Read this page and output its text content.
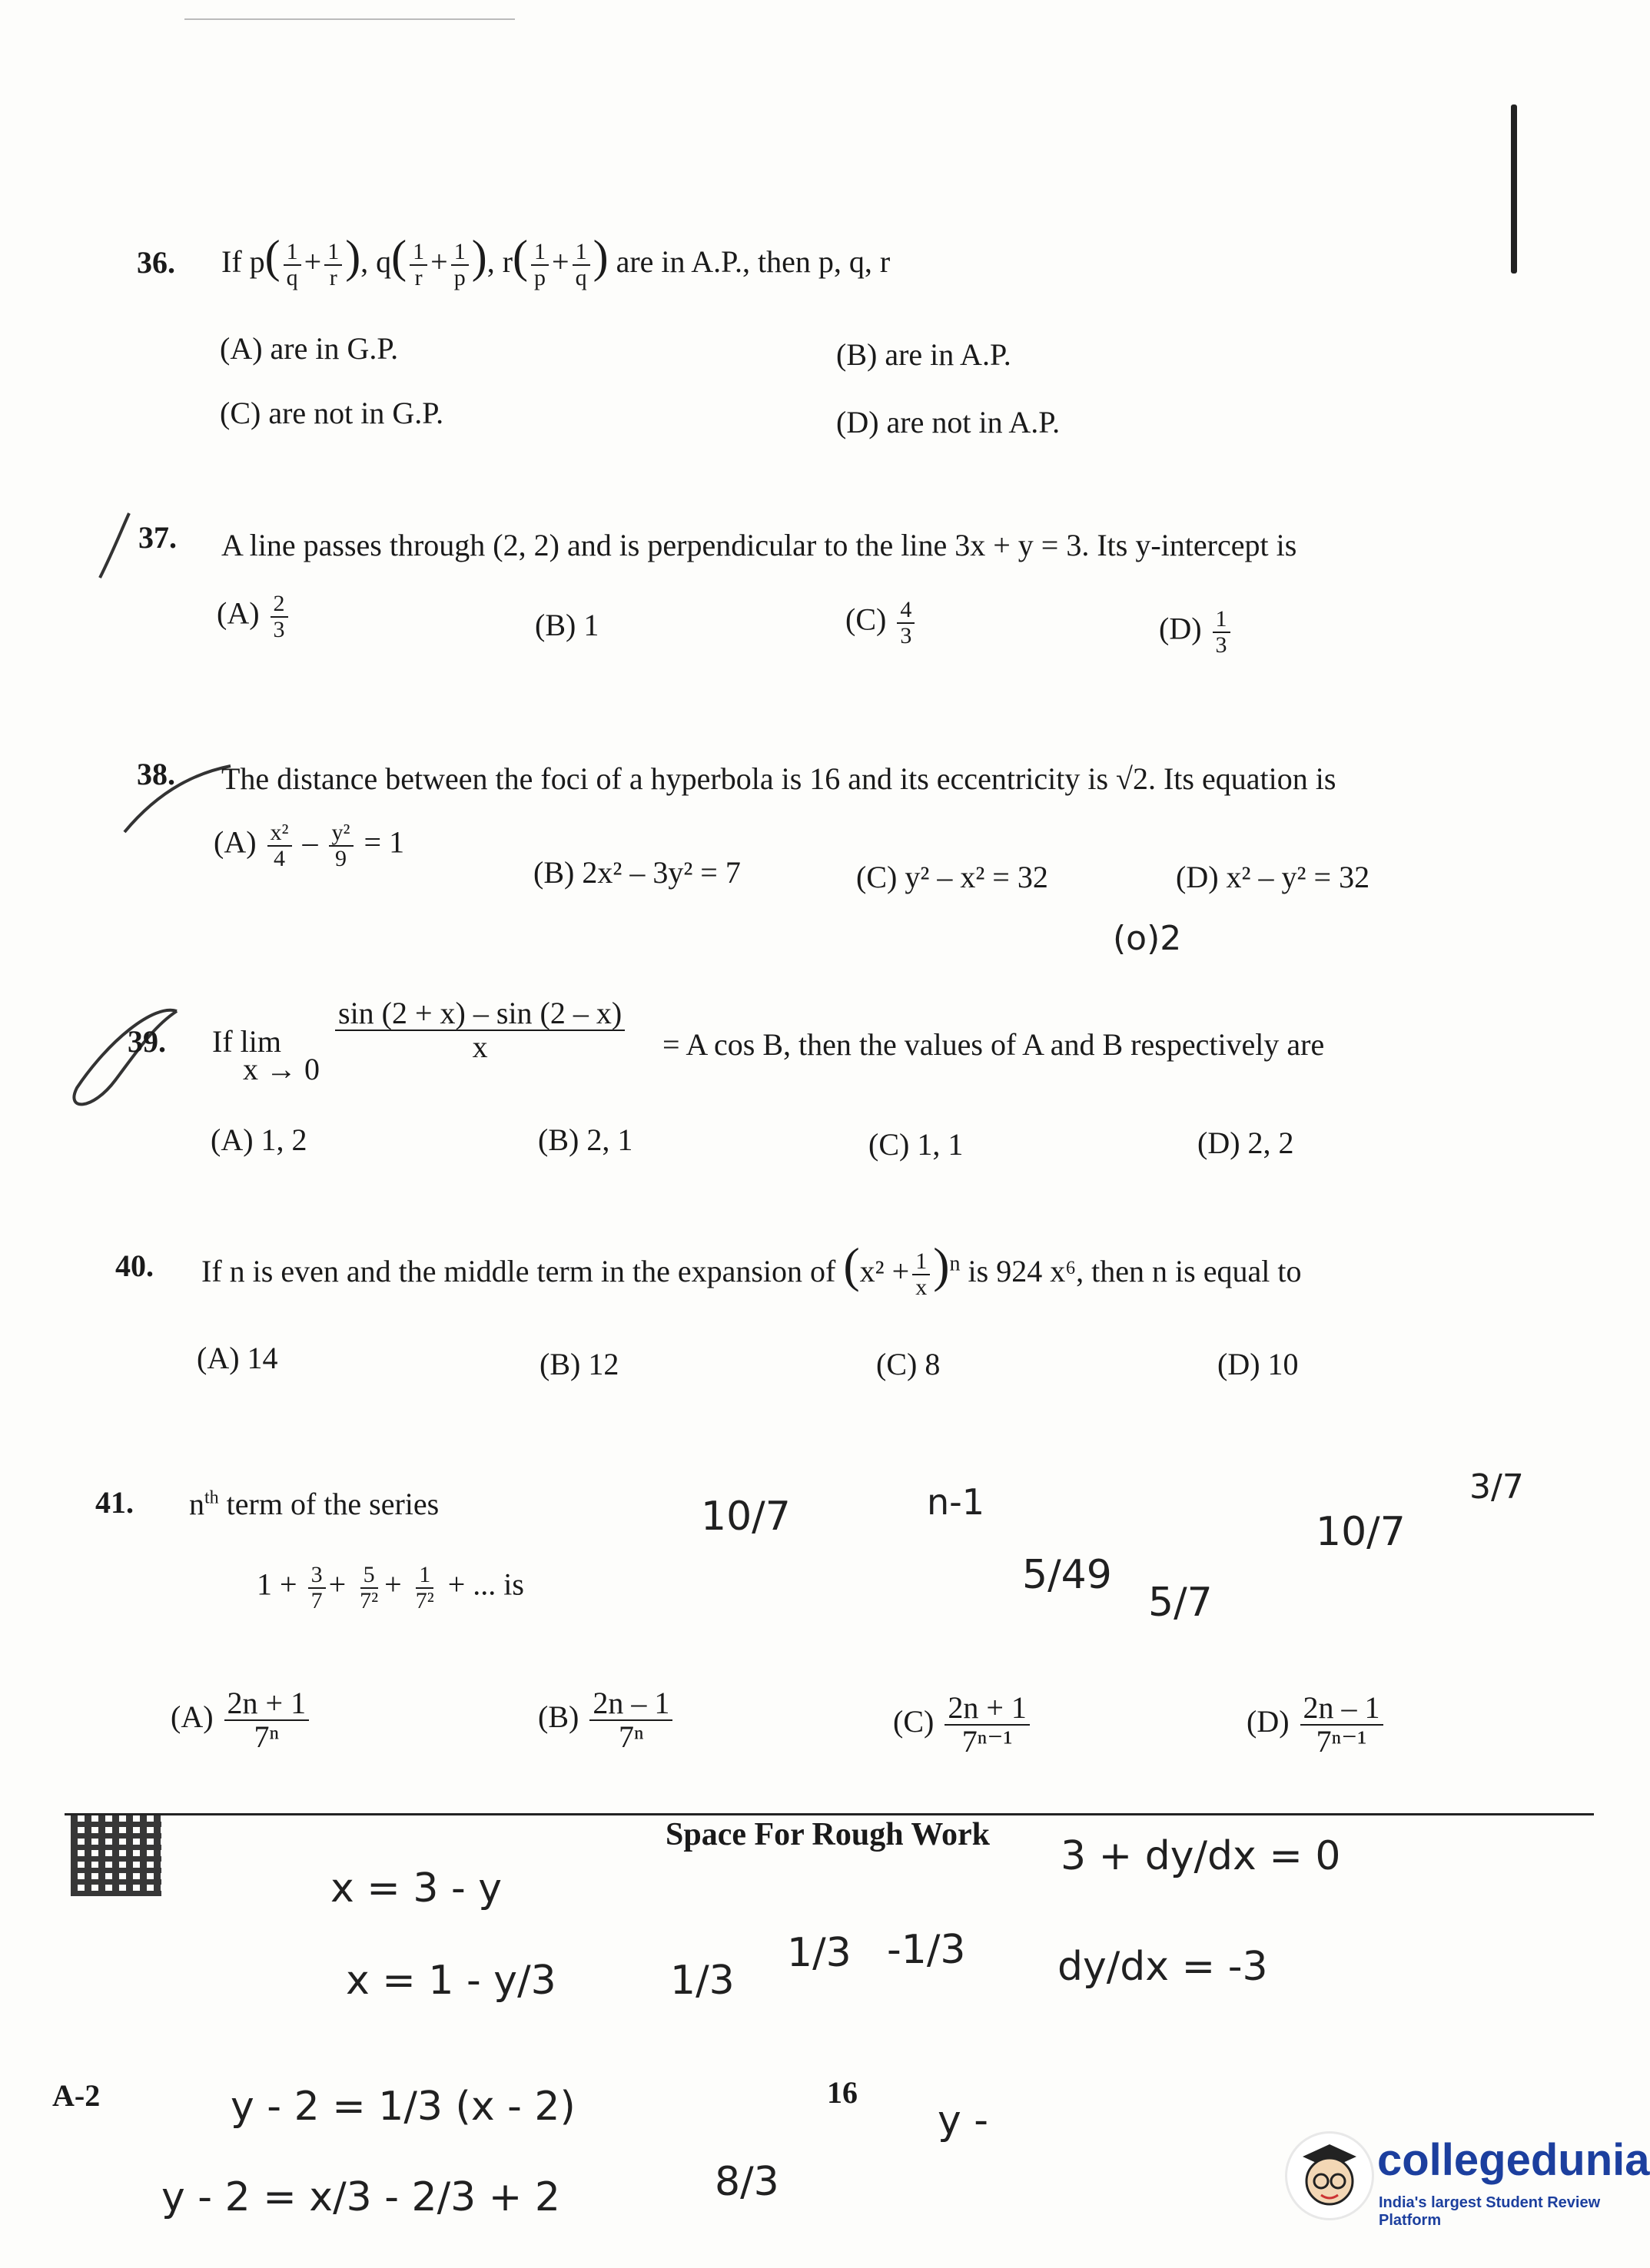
36. If $p( \frac{1}{q} + \frac{1}{r}$ ), $q( \frac{1}{r} + \frac{1}{p}$ ), $r( \frac{1}{p} + \frac{1}{q}$ ) are in A.P., then p, q, r
(A) are in G.P.	(B) are in A.P.
(C) are not in G.P.	(D) are not in A.P.
37. A line passes through (2, 2) and is perpendicular to the line 3x + y = 3. Its y-intercept is
$(A) \frac{2}{3}$	(B) 1	$(C) \frac{4}{3}$	$(D) \frac{1}{3}$
38. The distance between the foci of a hyperbola is 16 and its eccentricity is √2. Its equation is
$(A) \frac{\text{x²}}{4} - \frac{\text{y²}}{9} = 1$
(B) 2x² – 3y² = 7	(C) y² – x² = 32	(D) x² – y² = 32
(o)2
39. If lim
x → 0
$\frac{\sin (2 + x) - \sin (2 - x)}{x} = A$ cos B, then the values of A and B respectively are
(A) 1, 2	(B) 2, 1	(C) 1, 1	(D) 2, 2
40. If n is even and the middle term in the expansion of $(x^2 + \frac{1}{x} )^n$ is 924 x⁶, then n is equal to
(A) 14	(B) 12	(C) 8	(D) 10
41. $n^{th}$ term of the series
$1 + \frac{3}{7} + \frac{5}{\text{7²}} + \frac{1}{\text{7²}}$ + ... is
$(A) \frac{2n + 1}{\text{7ⁿ}}$	$(B) \frac{2n - 1}{\text{7ⁿ}}$	$(C) \frac{2n + 1}{\text{7ⁿ⁻¹}}$	$(D) \frac{2n - 1}{\text{7ⁿ⁻¹}}$
10/7	n-1
5/49
5/7
10/7
3/7
Space For Rough Work
x = 3 - y
x = 1 - y/3	1/3
1/3 -1/3
3 + dy/dx = 0
dy/dx = -3
A-2	16
y - 2 = 1/3 (x - 2)	y -
y - 2 = x/3 - 2/3 + 2	8/3	collegedunia
India's largest Student Review Platform
